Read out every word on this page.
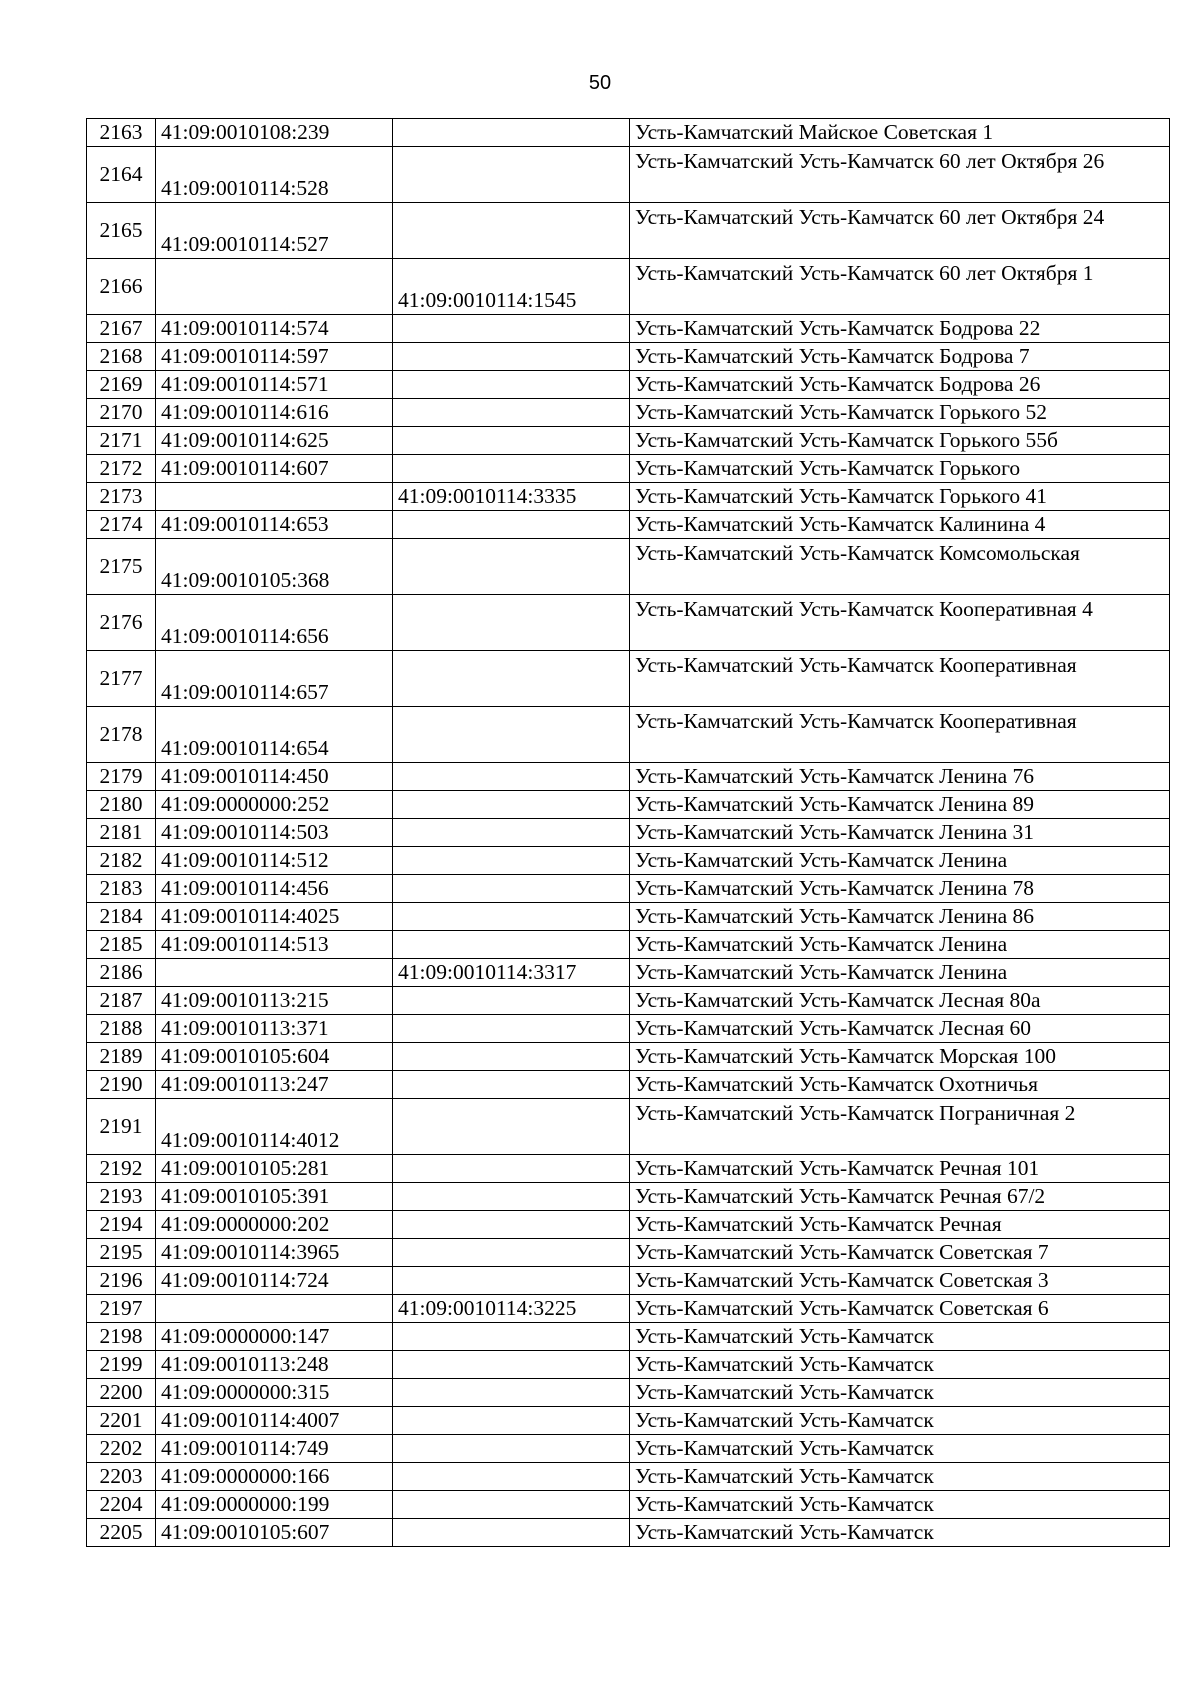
50
2163	41:09:0010108:239		Усть-Камчатский Майское Советская 1
2164	41:09:0010114:528		Усть-Камчатский Усть-Камчатск 60 лет Октября 26
2165	41:09:0010114:527		Усть-Камчатский Усть-Камчатск 60 лет Октября 24
2166		41:09:0010114:1545	Усть-Камчатский Усть-Камчатск 60 лет Октября 1
2167	41:09:0010114:574		Усть-Камчатский Усть-Камчатск Бодрова 22
2168	41:09:0010114:597		Усть-Камчатский Усть-Камчатск Бодрова 7
2169	41:09:0010114:571		Усть-Камчатский Усть-Камчатск Бодрова 26
2170	41:09:0010114:616		Усть-Камчатский Усть-Камчатск Горького 52
2171	41:09:0010114:625		Усть-Камчатский Усть-Камчатск Горького 55б
2172	41:09:0010114:607		Усть-Камчатский Усть-Камчатск Горького
2173		41:09:0010114:3335	Усть-Камчатский Усть-Камчатск Горького 41
2174	41:09:0010114:653		Усть-Камчатский Усть-Камчатск Калинина 4
2175	41:09:0010105:368		Усть-Камчатский Усть-Камчатск Комсомольская
2176	41:09:0010114:656		Усть-Камчатский Усть-Камчатск Кооперативная 4
2177	41:09:0010114:657		Усть-Камчатский Усть-Камчатск Кооперативная
2178	41:09:0010114:654		Усть-Камчатский Усть-Камчатск Кооперативная
2179	41:09:0010114:450		Усть-Камчатский Усть-Камчатск Ленина 76
2180	41:09:0000000:252		Усть-Камчатский Усть-Камчатск Ленина 89
2181	41:09:0010114:503		Усть-Камчатский Усть-Камчатск Ленина 31
2182	41:09:0010114:512		Усть-Камчатский Усть-Камчатск Ленина
2183	41:09:0010114:456		Усть-Камчатский Усть-Камчатск Ленина 78
2184	41:09:0010114:4025		Усть-Камчатский Усть-Камчатск Ленина 86
2185	41:09:0010114:513		Усть-Камчатский Усть-Камчатск Ленина
2186		41:09:0010114:3317	Усть-Камчатский Усть-Камчатск Ленина
2187	41:09:0010113:215		Усть-Камчатский Усть-Камчатск Лесная 80а
2188	41:09:0010113:371		Усть-Камчатский Усть-Камчатск Лесная 60
2189	41:09:0010105:604		Усть-Камчатский Усть-Камчатск Морская 100
2190	41:09:0010113:247		Усть-Камчатский Усть-Камчатск Охотничья
2191	41:09:0010114:4012		Усть-Камчатский Усть-Камчатск Пограничная 2
2192	41:09:0010105:281		Усть-Камчатский Усть-Камчатск Речная 101
2193	41:09:0010105:391		Усть-Камчатский Усть-Камчатск Речная 67/2
2194	41:09:0000000:202		Усть-Камчатский Усть-Камчатск Речная
2195	41:09:0010114:3965		Усть-Камчатский Усть-Камчатск Советская 7
2196	41:09:0010114:724		Усть-Камчатский Усть-Камчатск Советская 3
2197		41:09:0010114:3225	Усть-Камчатский Усть-Камчатск Советская 6
2198	41:09:0000000:147		Усть-Камчатский Усть-Камчатск
2199	41:09:0010113:248		Усть-Камчатский Усть-Камчатск
2200	41:09:0000000:315		Усть-Камчатский Усть-Камчатск
2201	41:09:0010114:4007		Усть-Камчатский Усть-Камчатск
2202	41:09:0010114:749		Усть-Камчатский Усть-Камчатск
2203	41:09:0000000:166		Усть-Камчатский Усть-Камчатск
2204	41:09:0000000:199		Усть-Камчатский Усть-Камчатск
2205	41:09:0010105:607		Усть-Камчатский Усть-Камчатск
